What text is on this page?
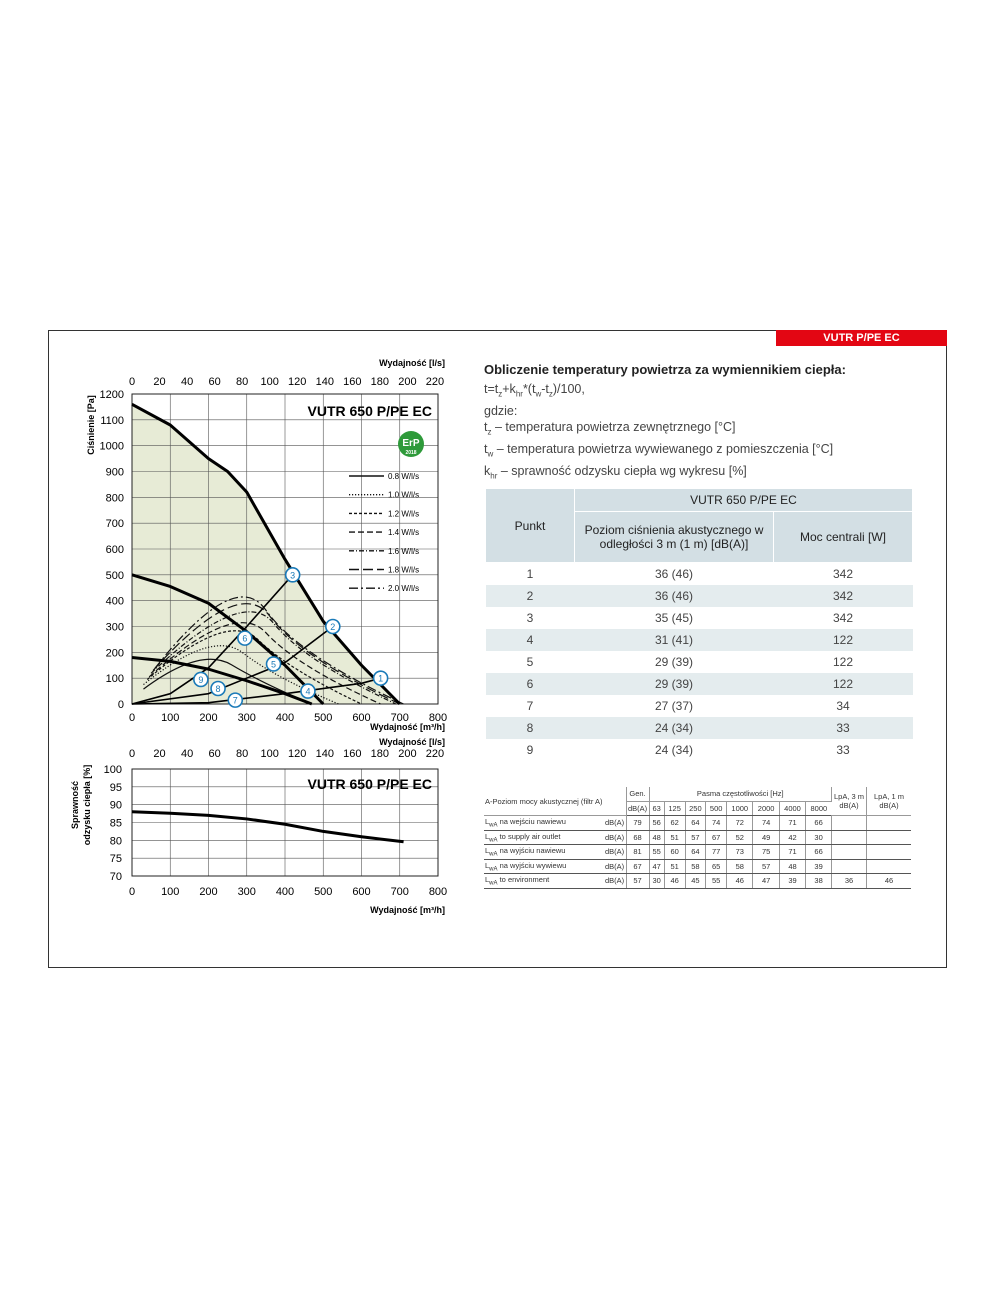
VUTR P/PE EC
1
2
3
4
5
6
7
8
9
0
100
200
300
400
500
600
700
800
900
1000
1100
1200
0 100 200 300 400 500 600 700 800
0 20 40 60 80 100 120 140 160 180 200 220
Wydajność [l/s]
Wydajność [m³/h]
Wydajność [l/s]
Ciśnienie [Pa]	VUTR 650 P/PE EC
ErP
2018
0.8 W/l/s
1.0 W/l/s
1.2 W/l/s
1.4 W/l/s
1.6 W/l/s
1.8 W/l/s
2.0 W/l/s
70
75
80
85
90
95
100
0 100 200 300 400 500 600 700 800
0 20 40 60 80 100 120 140 160 180 200 220
Wydajność [m³/h]
Sprawność odzysku ciepła [%]	VUTR 650 P/PE EC
Obliczenie temperatury powietrza za wymiennikiem ciepła:
$t=t_z+k_{hr}*(t_w-t_z)/100$,
gdzie:
$t_z$ – temperatura powietrza zewnętrznego [°C]
$t_w$ – temperatura powietrza wywiewanego z pomieszczenia [°C]
$k_{hr}$ – sprawność odzysku ciepła wg wykresu [%]
Punkt	VUTR 650 P/PE EC	
	Poziom ciśnienia akustycznego w odległości 3 m (1 m) [dB(A)]	Moc centrali [W]
1	36 (46)	342
2	36 (46)	342
3	35 (45)	342
4	31 (41)	122
5	29 (39)	122
6	29 (39)	122
7	27 (37)	34
8	24 (34)	33
9	24 (34)	33
A-Poziom mocy akustycznej (filtr A)		Gen.	Pasma częstotliwości [Hz]								LpA, 3 m dB(A)	LpA, 1 m dB(A)
		dB(A)	63	125	250	500	1000	2000	4000	8000		
$L_{wA}$ na wejściu nawiewu	dB(A)	79	56	62	64	74	72	74	71	66		
$L_{wA}$ to supply air outlet	dB(A)	68	48	51	57	67	52	49	42	30		
$L_{wA}$ na wyjściu nawiewu	dB(A)	81	55	60	64	77	73	75	71	66		
$L_{wA}$ na wyjściu wywiewu	dB(A)	67	47	51	58	65	58	57	48	39		
$L_{wA}$ to environment	dB(A)	57	30	46	45	55	46	47	39	38	36	46
